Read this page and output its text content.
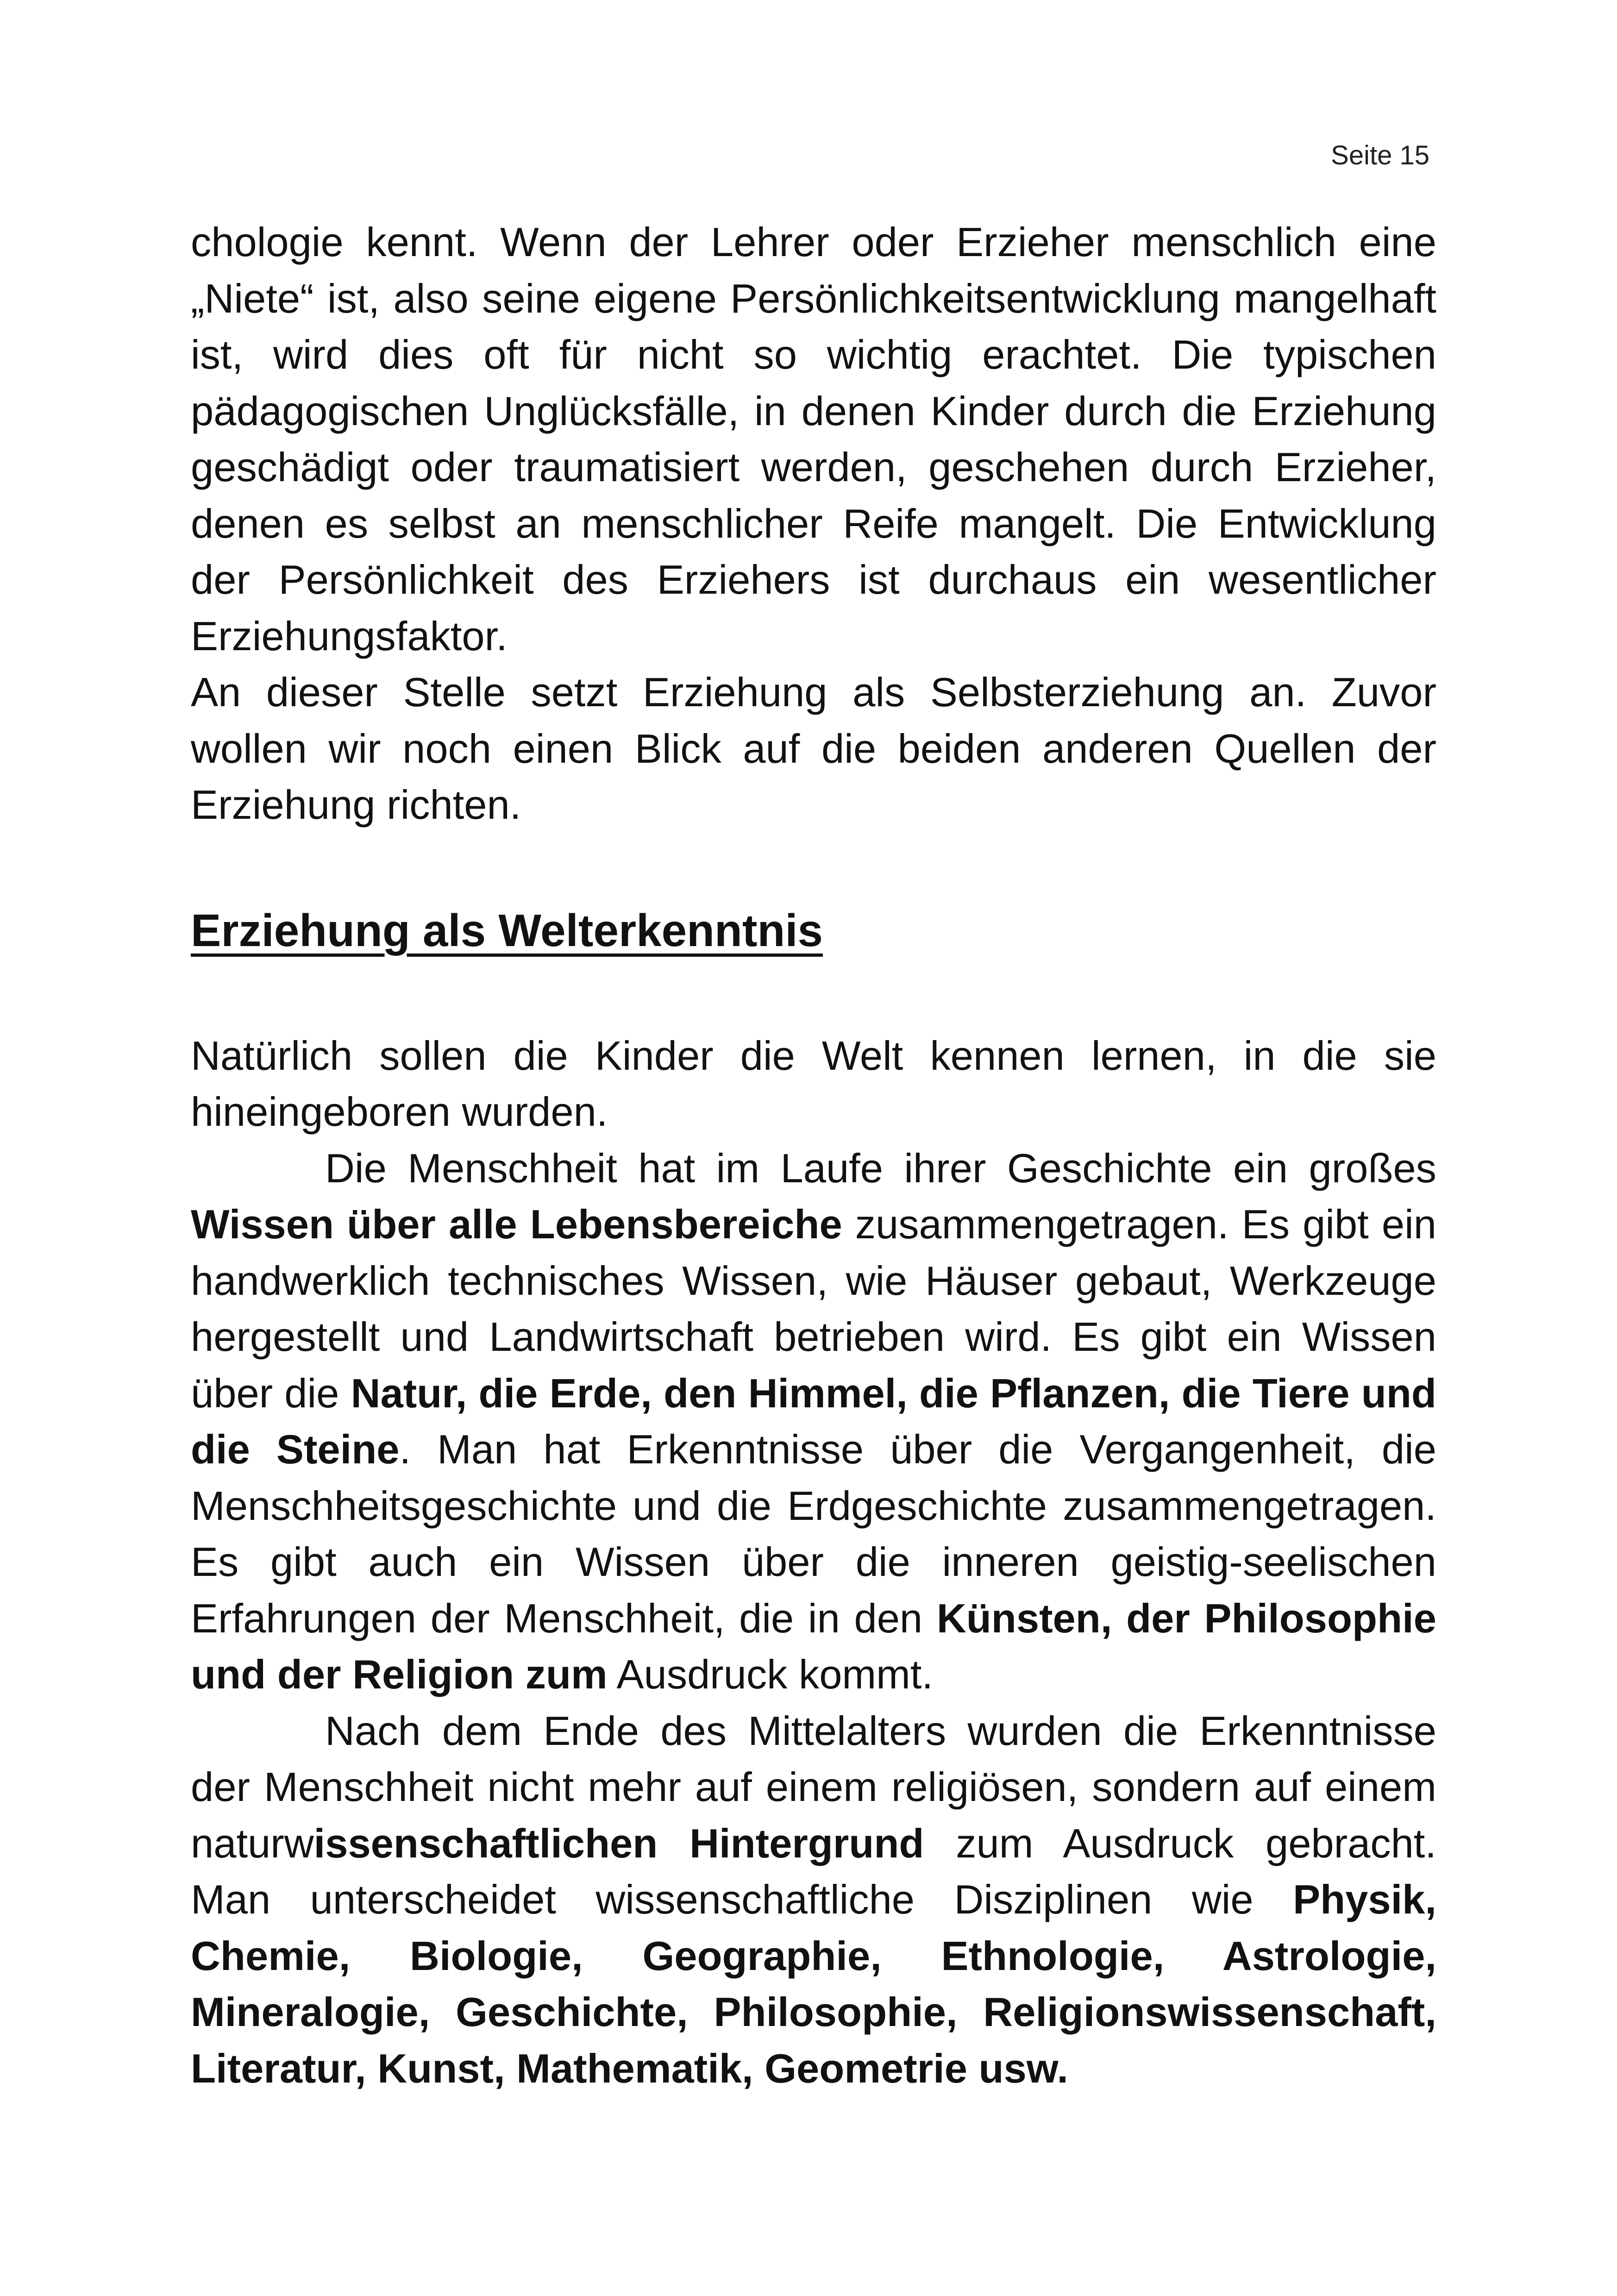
Seite 15

chologie kennt. Wenn der Lehrer oder Erzieher menschlich eine „Niete“ ist, also seine eigene Persönlichkeitsentwicklung mangelhaft ist, wird dies oft für nicht so wichtig erachtet. Die typischen pädagogischen Unglücksfälle, in denen Kinder durch die Erziehung geschädigt oder traumatisiert werden, geschehen durch Erzieher, denen es selbst an menschlicher Reife mangelt. Die Entwicklung der Persönlichkeit des Erziehers ist durchaus ein wesentlicher Erziehungsfaktor.

An dieser Stelle setzt Erziehung als Selbsterziehung an. Zuvor wollen wir noch einen Blick auf die beiden anderen Quellen der Erziehung richten.

Erziehung als Welterkenntnis

Natürlich sollen die Kinder die Welt kennen lernen, in die sie hineingeboren wurden.

Die Menschheit hat im Laufe ihrer Geschichte ein großes Wissen über alle Lebensbereiche zusammengetragen. Es gibt ein handwerklich technisches Wissen, wie Häuser gebaut, Werkzeuge hergestellt und Landwirtschaft betrieben wird. Es gibt ein Wissen über die Natur, die Erde, den Himmel, die Pflanzen, die Tiere und die Steine. Man hat Erkenntnisse über die Vergangenheit, die Menschheitsgeschichte und die Erdgeschichte zusammengetragen. Es gibt auch ein Wissen über die inneren geistig-seelischen Erfahrungen der Menschheit, die in den Künsten, der Philosophie und der Religion zum Ausdruck kommt.

Nach dem Ende des Mittelalters wurden die Erkenntnisse der Menschheit nicht mehr auf einem religiösen, sondern auf einem naturwissenschaftlichen Hintergrund zum Ausdruck gebracht. Man unterscheidet wissenschaftliche Disziplinen wie Physik, Chemie, Biologie, Geographie, Ethnologie, Astrologie, Mineralogie, Geschichte, Philosophie, Religionswissenschaft, Literatur, Kunst, Mathematik, Geometrie usw.
